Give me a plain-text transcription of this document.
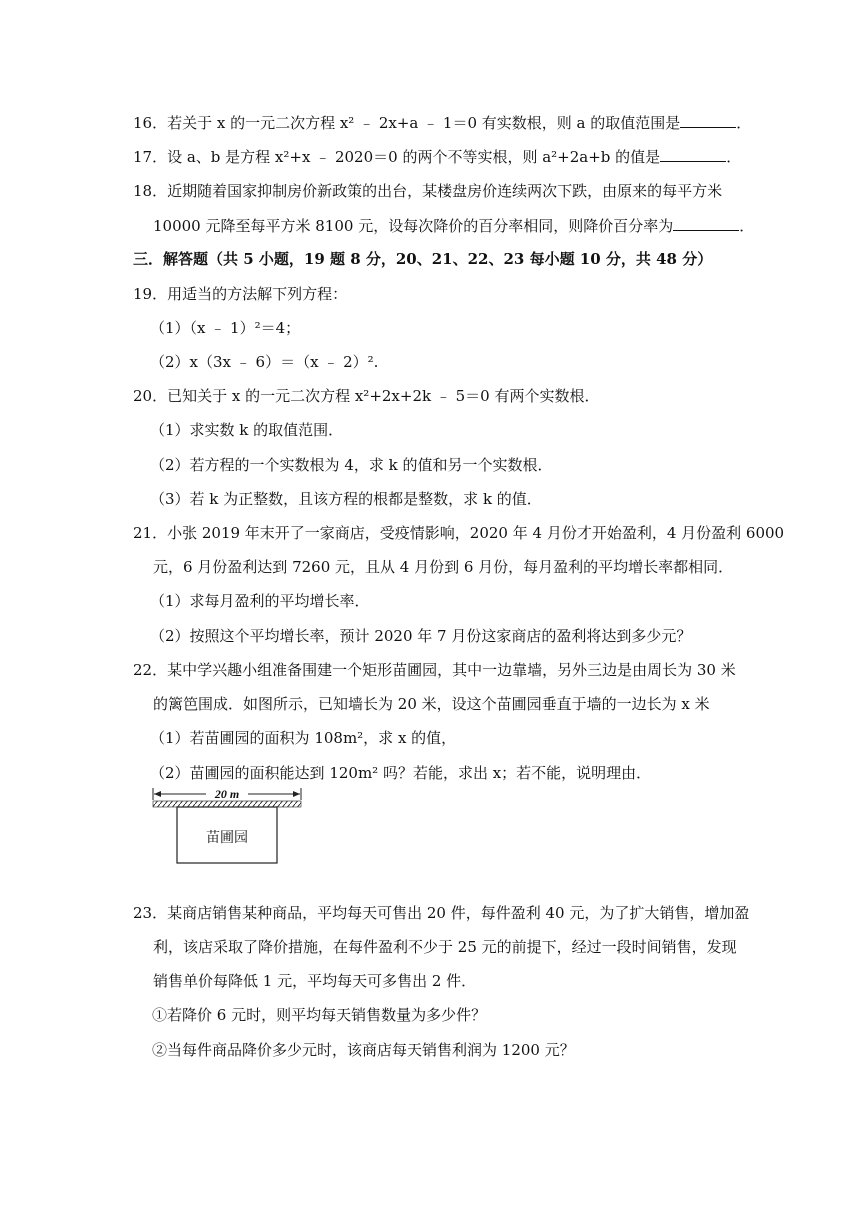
16．若关于 x 的一元二次方程 x² ﹣ 2x+a ﹣ 1＝0 有实数根，则 a 的取值范围是	．
17．设 a、b 是方程 x²+x ﹣ 2020＝0 的两个不等实根，则 a²+2a+b 的值是	．
18．近期随着国家抑制房价新政策的出台，某楼盘房价连续两次下跌，由原来的每平方米
10000 元降至每平方米 8100 元，设每次降价的百分率相同，则降价百分率为	．
三．解答题（共 5 小题，19 题 8 分，20、21、22、23 每小题 10 分，共 48 分）
19．用适当的方法解下列方程：
（1）（x ﹣ 1）²＝4；
（2）x（3x ﹣ 6）＝（x ﹣ 2）².
20．已知关于 x 的一元二次方程 x²+2x+2k ﹣ 5＝0 有两个实数根．
（1）求实数 k 的取值范围．
（2）若方程的一个实数根为 4，求 k 的值和另一个实数根．
（3）若 k 为正整数，且该方程的根都是整数，求 k 的值．
21．小张 2019 年末开了一家商店，受疫情影响，2020 年 4 月份才开始盈利，4 月份盈利 6000
元，6 月份盈利达到 7260 元，且从 4 月份到 6 月份，每月盈利的平均增长率都相同．
（1）求每月盈利的平均增长率．
（2）按照这个平均增长率，预计 2020 年 7 月份这家商店的盈利将达到多少元？
22．某中学兴趣小组准备围建一个矩形苗圃园，其中一边靠墙，另外三边是由周长为 30 米
的篱笆围成．如图所示，已知墙长为 20 米，设这个苗圃园垂直于墙的一边长为 x 米
（1）若苗圃园的面积为 108m²，求 x 的值，
（2）苗圃园的面积能达到 120m² 吗？若能，求出 x；若不能，说明理由．
20 m
苗圃园
23．某商店销售某种商品，平均每天可售出 20 件，每件盈利 40 元，为了扩大销售，增加盈
利，该店采取了降价措施，在每件盈利不少于 25 元的前提下，经过一段时间销售，发现
销售单价每降低 1 元，平均每天可多售出 2 件．
①若降价 6 元时，则平均每天销售数量为多少件？
②当每件商品降价多少元时，该商店每天销售利润为 1200 元？
